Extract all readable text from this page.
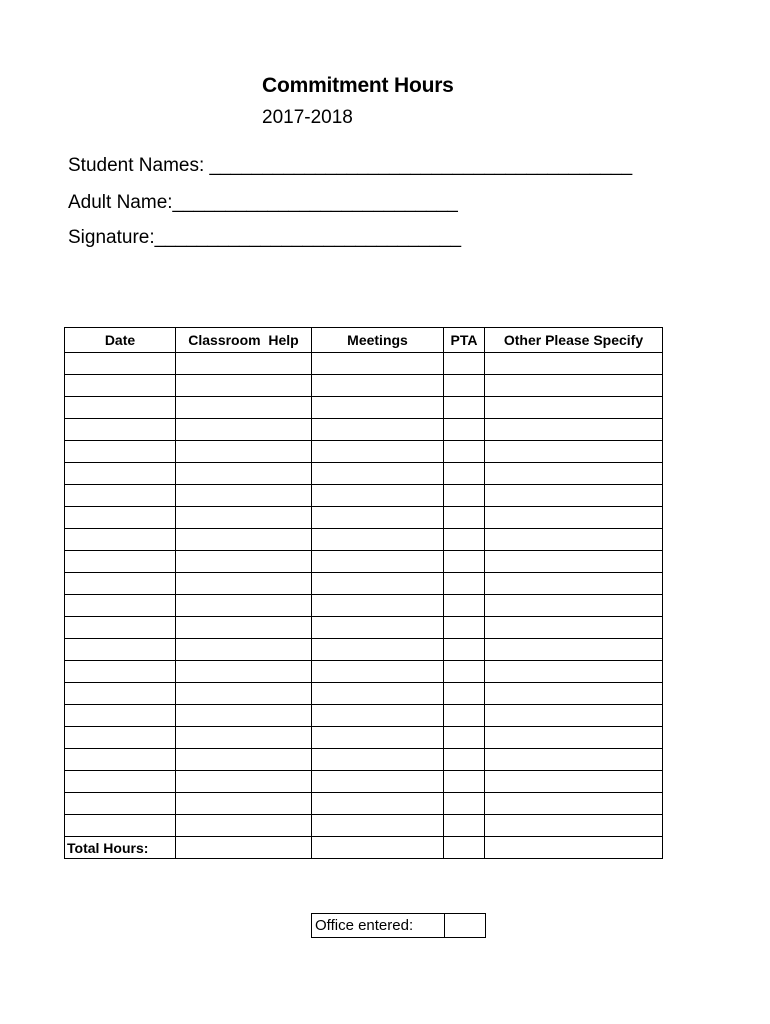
Commitment Hours
2017-2018
Student Names: ________________________________________
Adult Name:___________________________
Signature:_____________________________
Date	Classroom  Help	Meetings	PTA	Other Please Specify

Total Hours:				
Office entered:	
